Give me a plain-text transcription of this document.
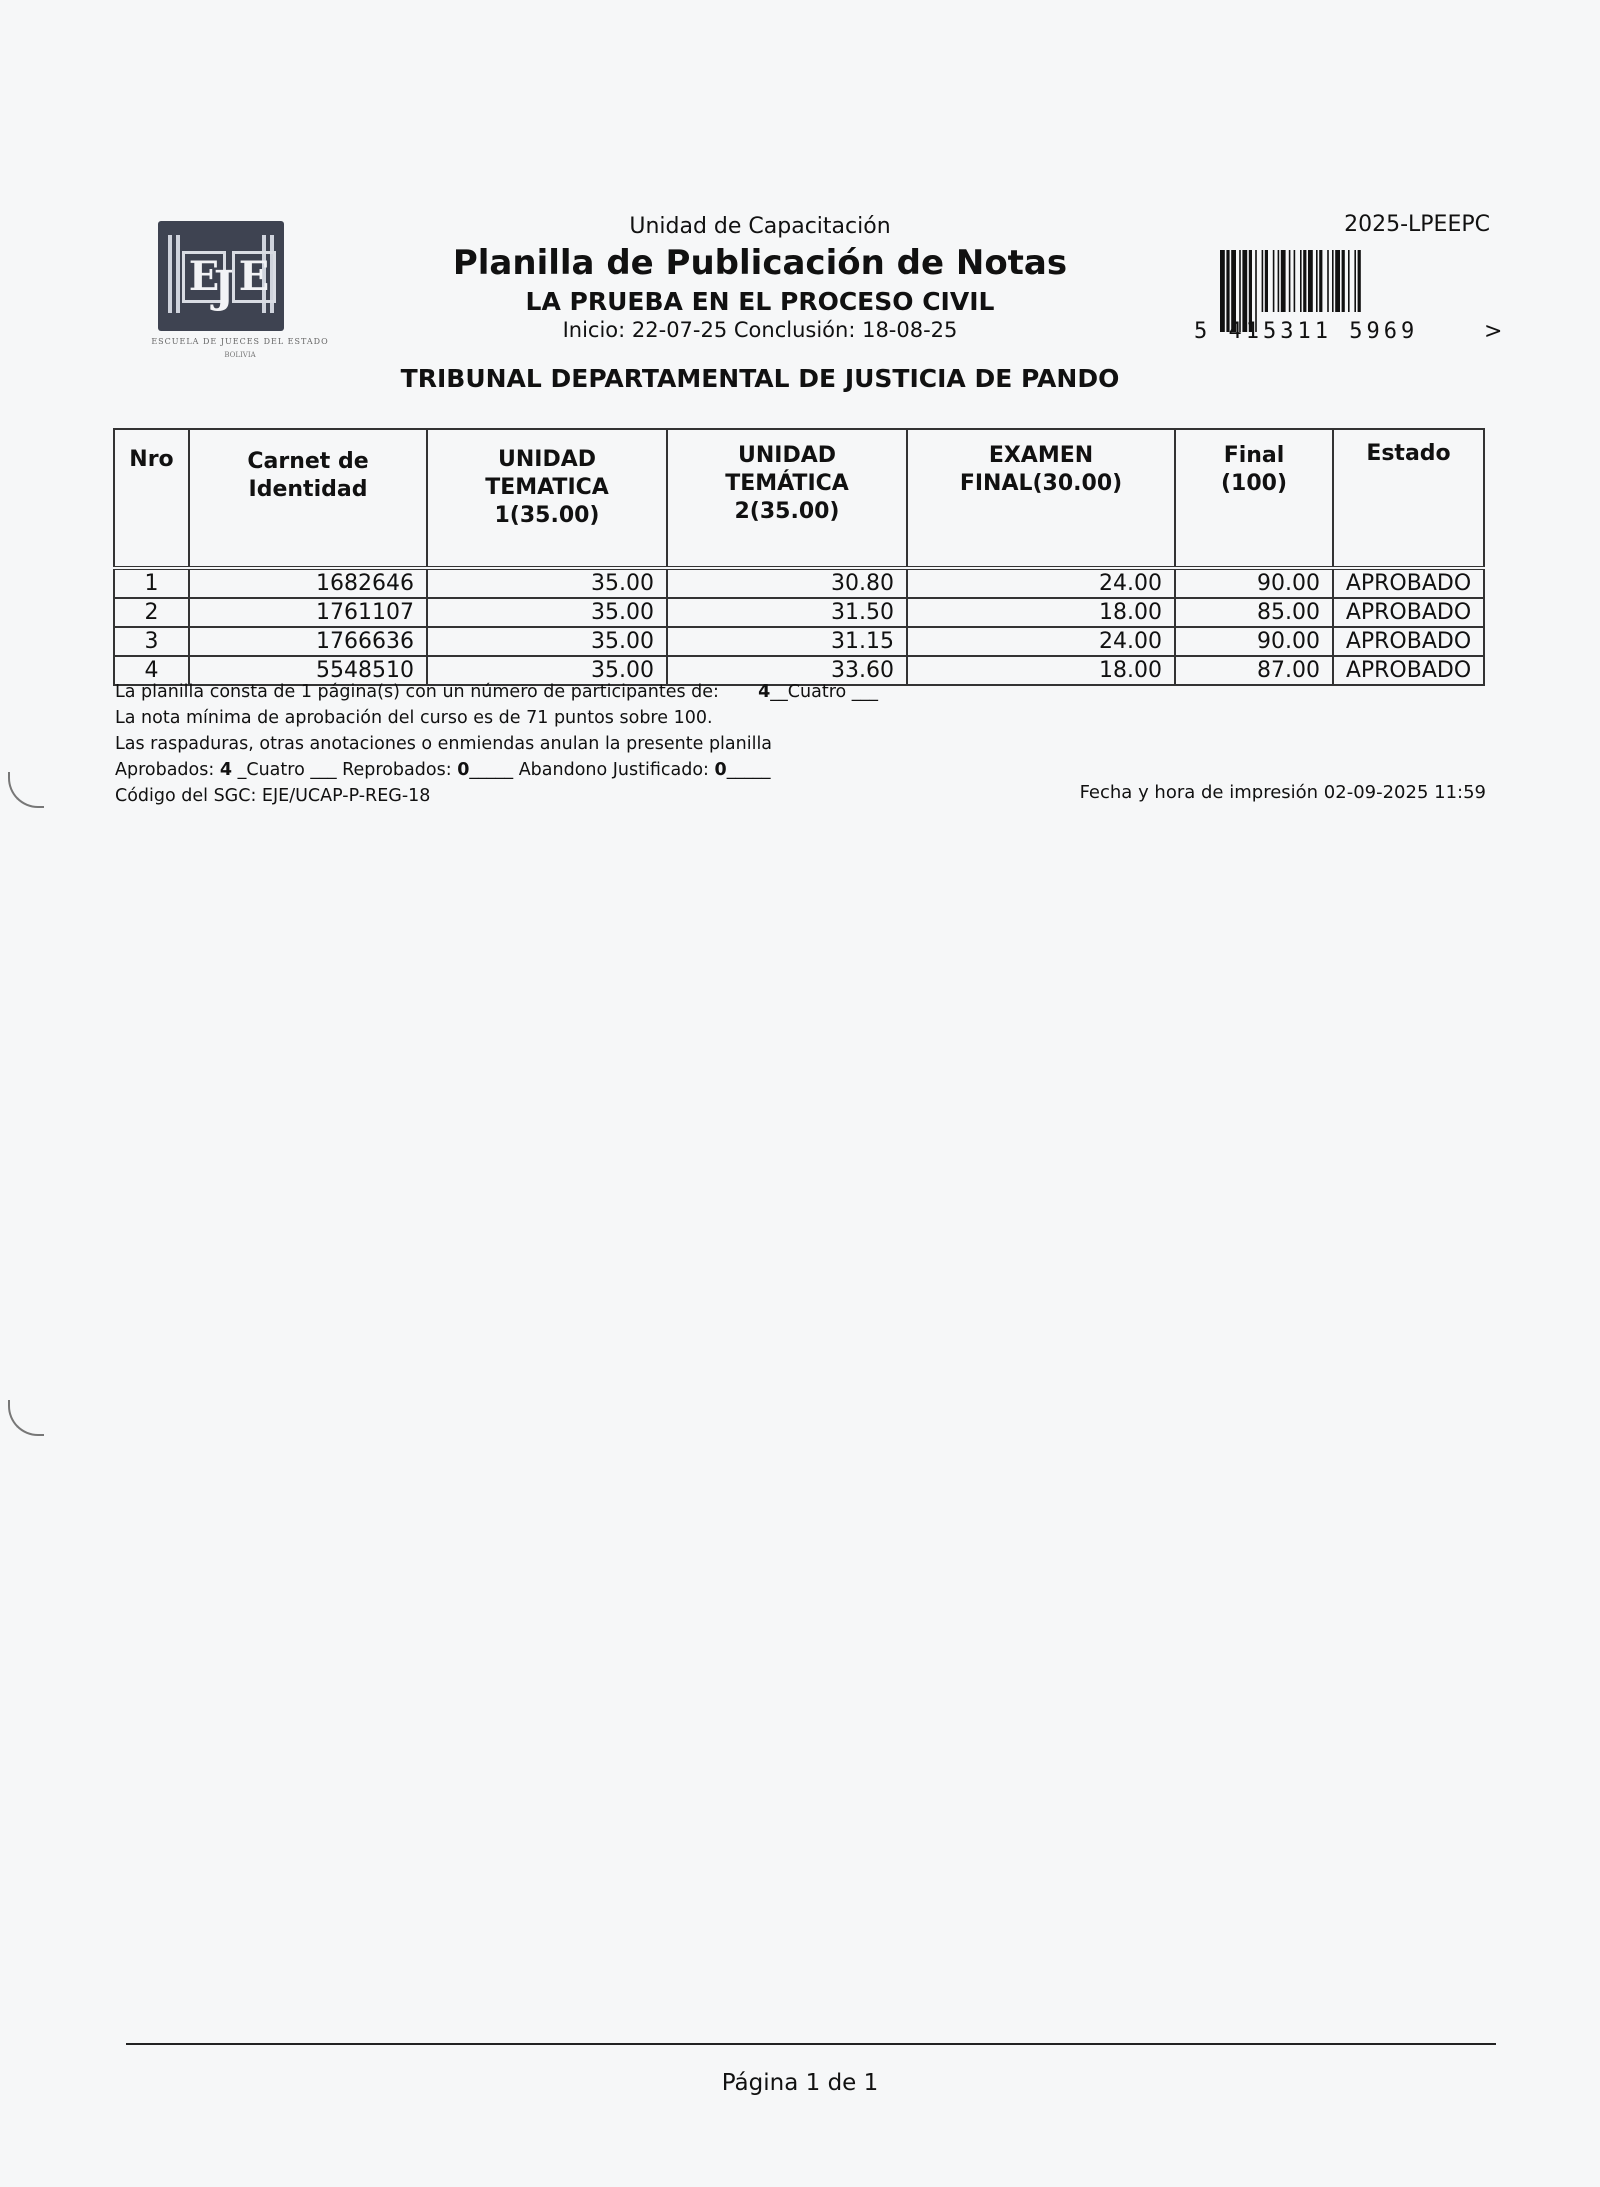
E
J E
ESCUELA DE JUECES DEL ESTADO
BOLIVIA
Unidad de Capacitación
Planilla de Publicación de Notas
LA PRUEBA EN EL PROCESO CIVIL
Inicio: 22-07-25 Conclusión: 18-08-25
TRIBUNAL DEPARTAMENTAL DE JUSTICIA DE PANDO
2025-LPEEPC
5 415311 5969	>
Nro	Carnet de Identidad	UNIDAD TEMATICA 1(35.00)	UNIDAD TEMÁTICA 2(35.00)	EXAMEN FINAL(30.00)	Final (100)	Estado
1	1682646	35.00	30.80	24.00	90.00	APROBADO
2	1761107	35.00	31.50	18.00	85.00	APROBADO
3	1766636	35.00	31.15	24.00	90.00	APROBADO
4	5548510	35.00	33.60	18.00	87.00	APROBADO
La planilla consta de 1 página(s) con un número de participantes de: 4__Cuatro ___
La nota mínima de aprobación del curso es de 71 puntos sobre 100.
Las raspaduras, otras anotaciones o enmiendas anulan la presente planilla
Aprobados: 4 _Cuatro ___ Reprobados: 0_____ Abandono Justificado: 0_____
Código del SGC: EJE/UCAP-P-REG-18	Fecha y hora de impresión 02-09-2025 11:59
Página 1 de 1
